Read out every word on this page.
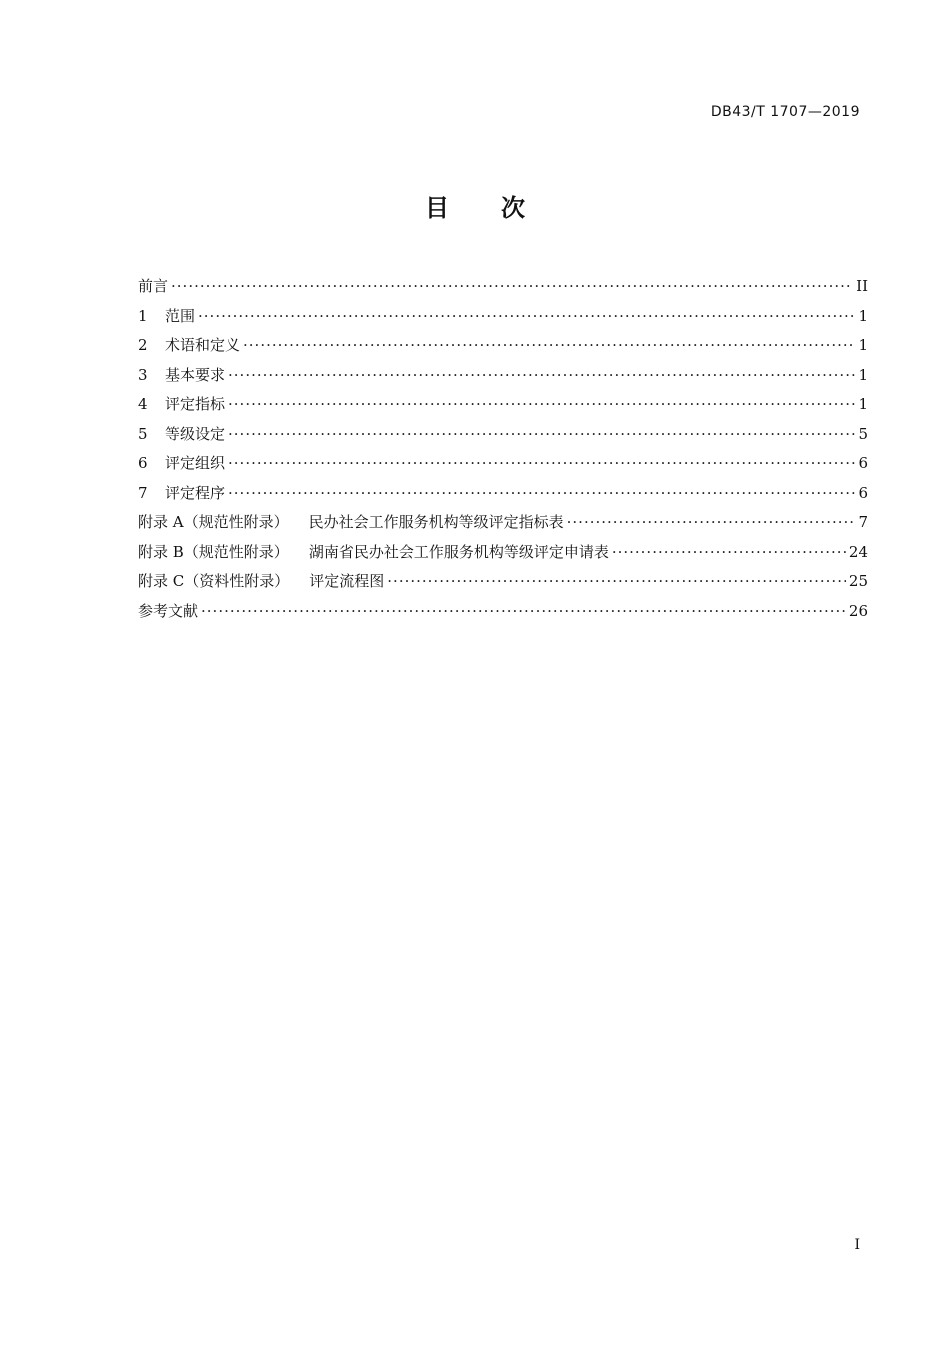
DB43/T 1707—2019
目 次
前言 ·····	II
1	范围 ·····	1
2	术语和定义 ·····	1
3	基本要求 ·····	1
4	评定指标 ·····	1
5	等级设定 ·····	5
6	评定组织 ·····	6
7	评定程序 ·····	6
附录 A （规范性附录） 民办社会工作服务机构等级评定指标表 ·····	7
附录 B （规范性附录） 湖南省民办社会工作服务机构等级评定申请表 ·····	24
附录 C （资料性附录） 评定流程图 ·····	25
参考文献 ·····	26
I
